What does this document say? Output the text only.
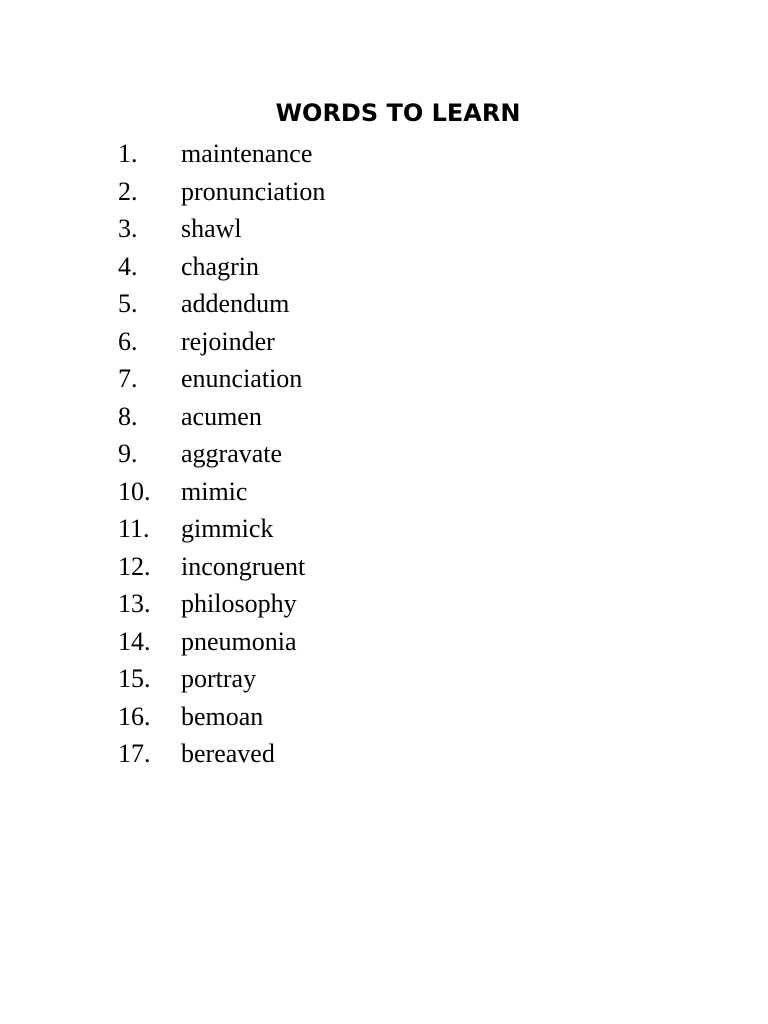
WORDS TO LEARN
1. maintenance
2. pronunciation
3. shawl
4. chagrin
5. addendum
6. rejoinder
7. enunciation
8. acumen
9. aggravate
10. mimic
11. gimmick
12. incongruent
13. philosophy
14. pneumonia
15. portray
16. bemoan
17. bereaved
